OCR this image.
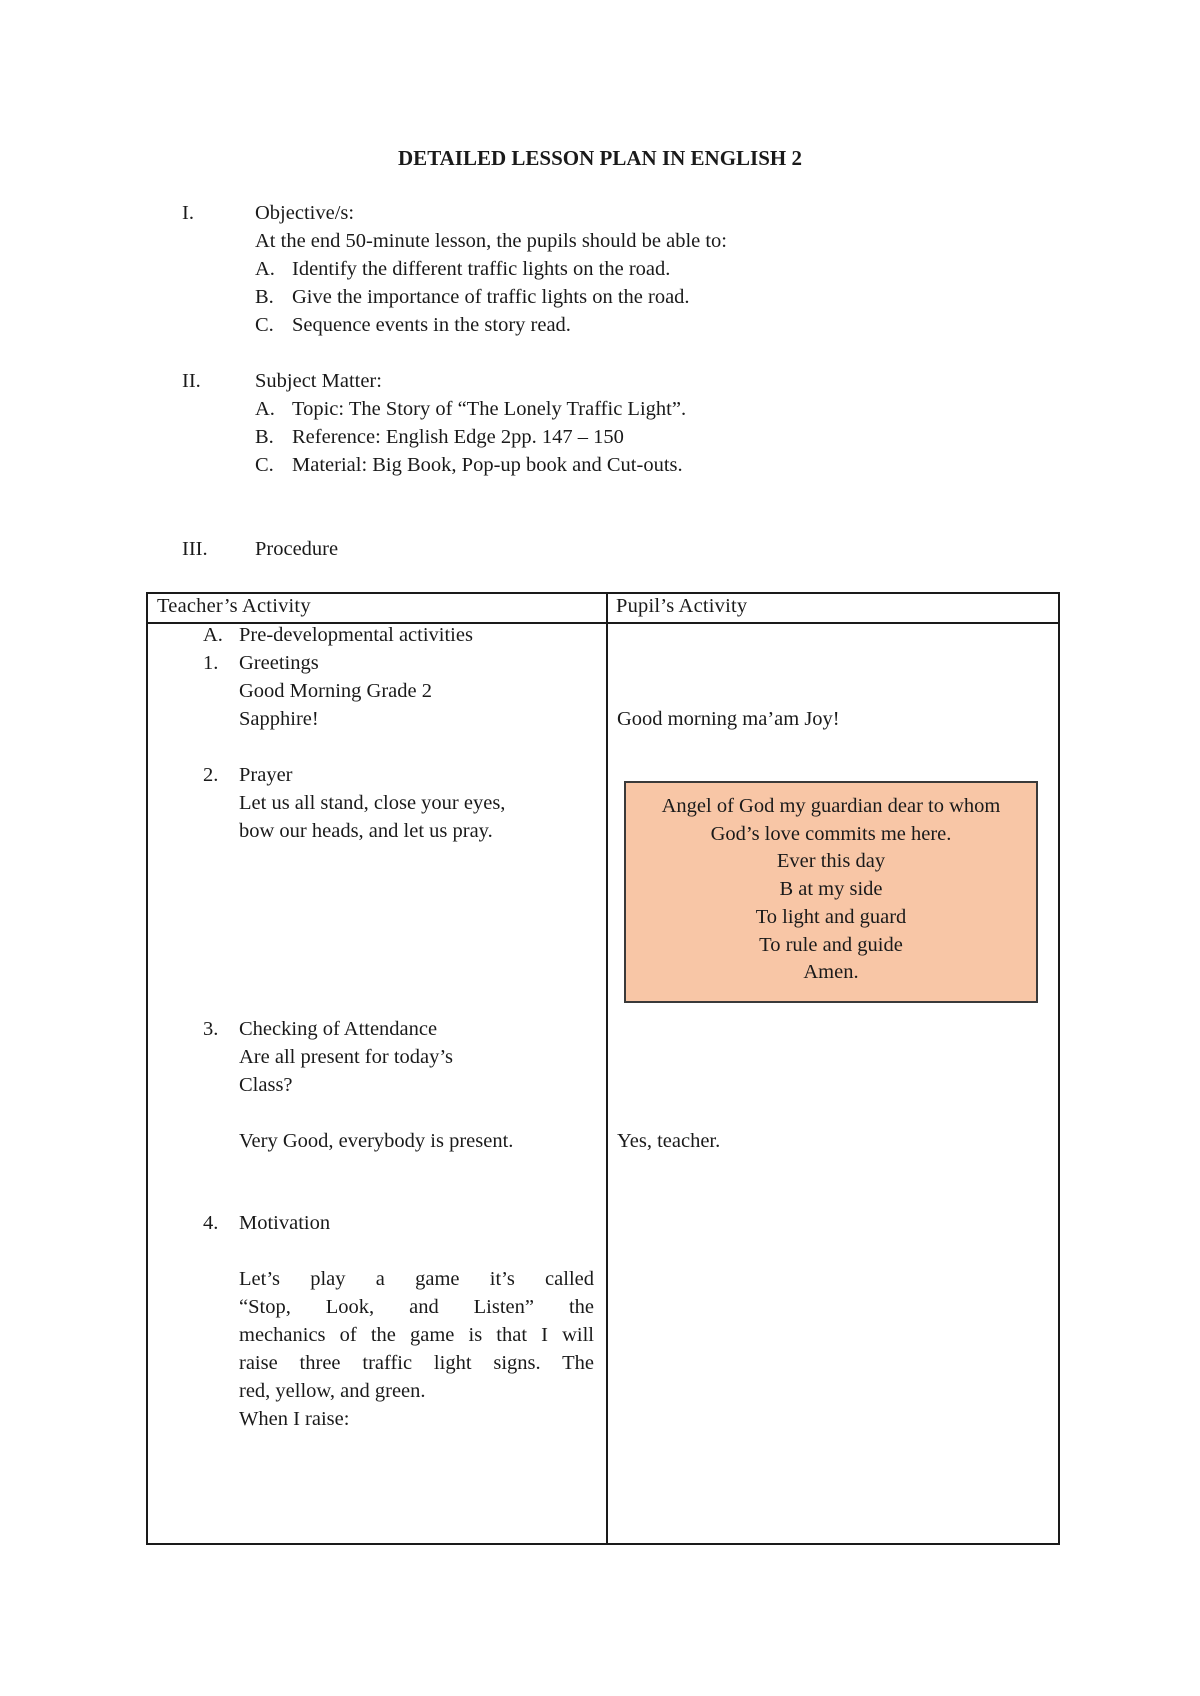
DETAILED LESSON PLAN IN ENGLISH 2
I.	Objective/s:
At the end 50-minute lesson, the pupils should be able to:
A. Identify the different traffic lights on the road.
B. Give the importance of traffic lights on the road.
C. Sequence events in the story read.
II.	Subject Matter:
A. Topic: The Story of “The Lonely Traffic Light”.
B. Reference: English Edge 2pp. 147 – 150
C. Material: Big Book, Pop-up book and Cut-outs.
III. Procedure
Teacher’s Activity	Pupil’s Activity
A. Pre-developmental activities
1. Greetings
Good Morning Grade 2
Sapphire!	Good morning ma’am Joy!
2. Prayer
Let us all stand, close your eyes,
bow our heads, and let us pray.
Angel of God my guardian dear to whom
God’s love commits me here.
Ever this day
B at my side
To light and guard
To rule and guide
Amen.
3. Checking of Attendance
Are all present for today’s
Class?
Very Good, everybody is present.	Yes, teacher.
4. Motivation
Let’s play a game it’s called
“Stop, Look, and Listen” the
mechanics of the game is that I will
raise three traffic light signs. The
red, yellow, and green.
When I raise:
